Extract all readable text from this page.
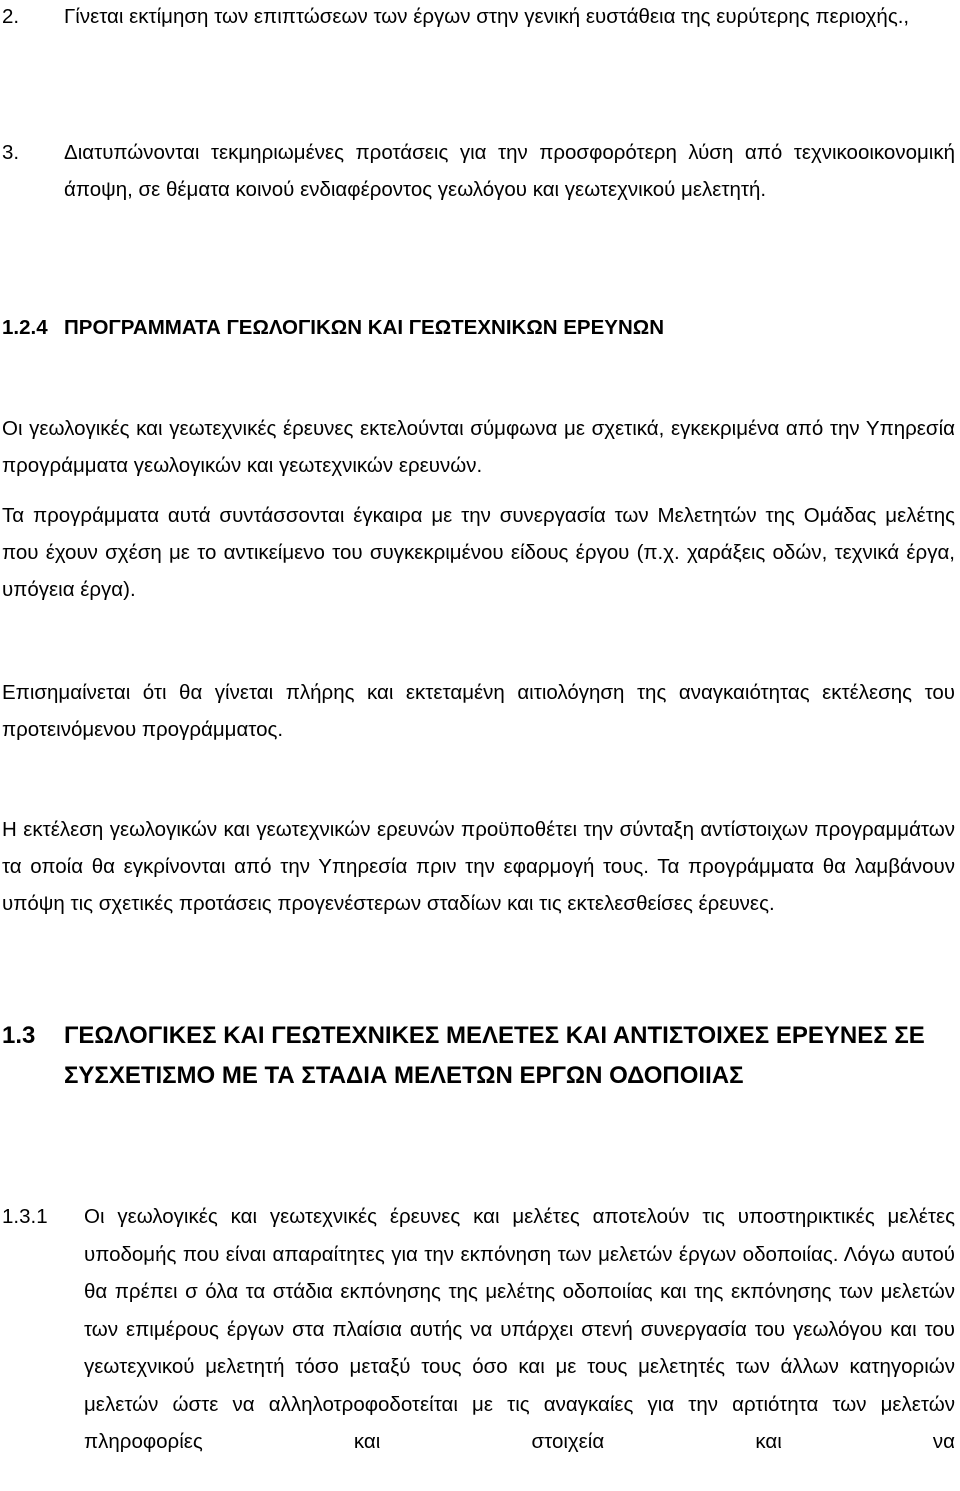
2.	Γίνεται εκτίμηση των επιπτώσεων των έργων στην γενική ευστάθεια της ευρύτερης περιοχής.,
3.	Διατυπώνονται τεκμηριωμένες προτάσεις για την προσφορότερη λύση από τεχνικοοικονομική άποψη, σε θέματα κοινού ενδιαφέροντος γεωλόγου και γεωτεχνικού μελετητή.
1.2.4 ΠΡΟΓΡΑΜΜΑΤΑ ΓΕΩΛΟΓΙΚΩΝ ΚΑΙ ΓΕΩΤΕΧΝΙΚΩΝ ΕΡΕΥΝΩΝ

Οι γεωλογικές και γεωτεχνικές έρευνες εκτελούνται σύμφωνα με σχετικά, εγκεκριμένα από την Υπηρεσία προγράμματα γεωλογικών και γεωτεχνικών ερευνών.

Τα προγράμματα αυτά συντάσσονται έγκαιρα με την συνεργασία των Μελετητών της Ομάδας μελέτης που έχουν σχέση με το αντικείμενο του συγκεκριμένου είδους έργου (π.χ. χαράξεις οδών, τεχνικά έργα, υπόγεια έργα).

Επισημαίνεται ότι θα γίνεται πλήρης και εκτεταμένη αιτιολόγηση της αναγκαιότητας εκτέλεσης του προτεινόμενου προγράμματος.

Η εκτέλεση γεωλογικών και γεωτεχνικών ερευνών προϋποθέτει την σύνταξη αντίστοιχων προγραμμάτων τα οποία θα εγκρίνονται από την Υπηρεσία πριν την εφαρμογή τους. Τα προγράμματα θα λαμβάνουν υπόψη τις σχετικές προτάσεις προγενέστερων σταδίων και τις εκτελεσθείσες έρευνες.

1.3	ΓΕΩΛΟΓΙΚΕΣ ΚΑΙ ΓΕΩΤΕΧΝΙΚΕΣ ΜΕΛΕΤΕΣ ΚΑΙ ΑΝΤΙΣΤΟΙΧΕΣ ΕΡΕΥΝΕΣ ΣΕ ΣΥΣΧΕΤΙΣΜΟ ΜΕ ΤΑ ΣΤΑΔΙΑ ΜΕΛΕΤΩΝ ΕΡΓΩΝ ΟΔΟΠΟΙΙΑΣ
1.3.1	Οι γεωλογικές και γεωτεχνικές έρευνες και μελέτες αποτελούν τις υποστηρικτικές μελέτες υποδομής που είναι απαραίτητες για την εκπόνηση των μελετών έργων οδοποιίας. Λόγω αυτού θα πρέπει σ όλα τα στάδια εκπόνησης της μελέτης οδοποιίας και της εκπόνησης των μελετών των επιμέρους έργων στα πλαίσια αυτής να υπάρχει στενή συνεργασία του γεωλόγου και του γεωτεχνικού μελετητή τόσο μεταξύ τους όσο και με τους μελετητές των άλλων κατηγοριών μελετών ώστε να αλληλοτροφοδοτείται με τις αναγκαίες για την αρτιότητα των μελετών πληροφορίες και στοιχεία και να
